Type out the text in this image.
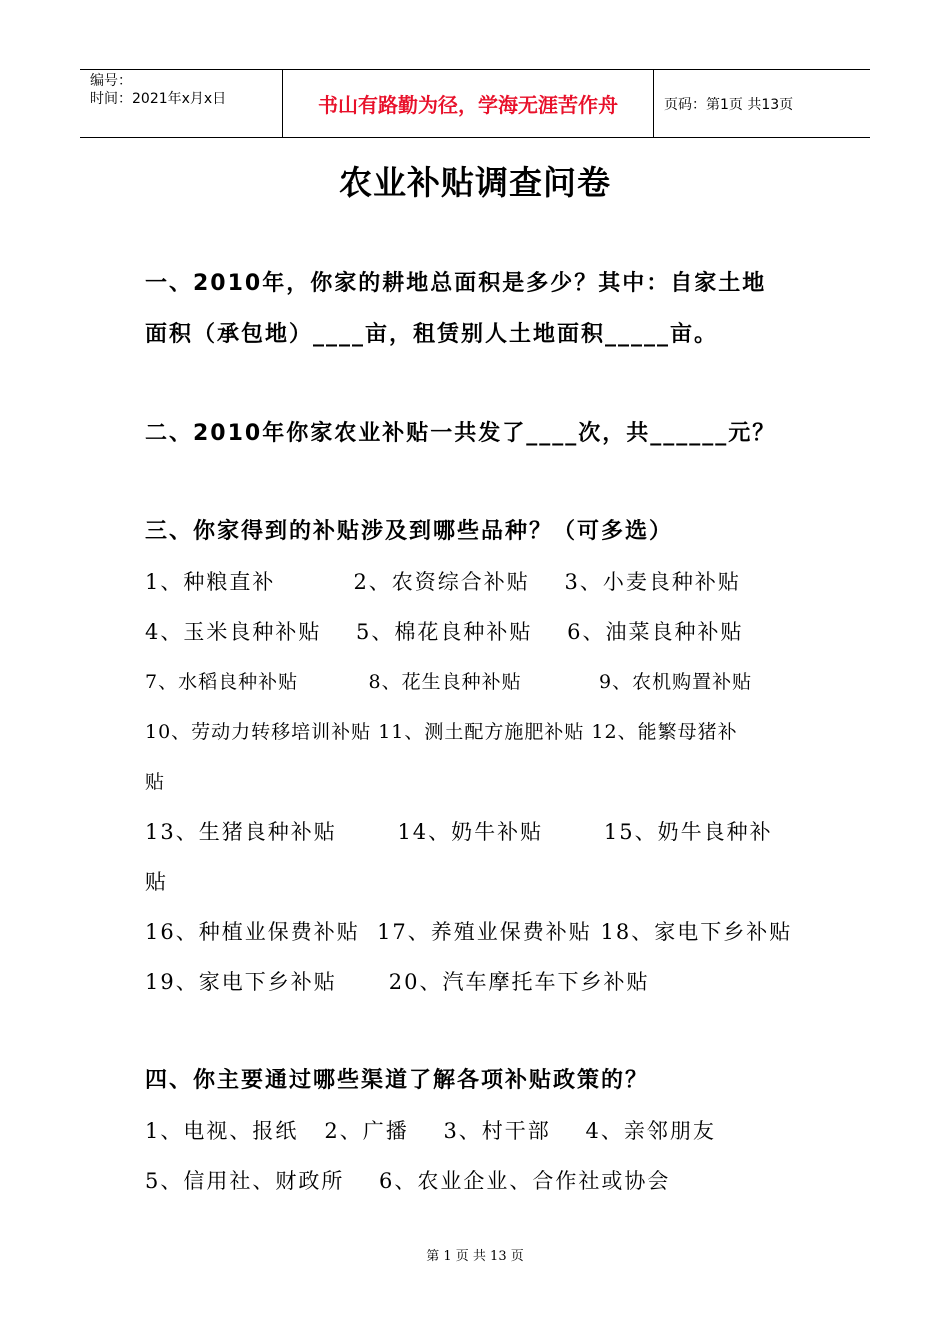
编号：
时间：2021年x月x日	书山有路勤为径，学海无涯苦作舟	页码：第1页 共13页
农业补贴调查问卷
一、2010年，你家的耕地总面积是多少？其中：自家土地
面积（承包地）____亩，租赁别人土地面积_____亩。
二、2010年你家农业补贴一共发了____次，共______元？
三、你家得到的补贴涉及到哪些品种？（可多选）
1、种粮直补         2、农资综合补贴    3、小麦良种补贴
4、玉米良种补贴    5、棉花良种补贴    6、油菜良种补贴
7、水稻良种补贴          8、花生良种补贴           9、农机购置补贴
10、劳动力转移培训补贴 11、测土配方施肥补贴 12、能繁母猪补
贴
13、生猪良种补贴       14、奶牛补贴       15、奶牛良种补
贴
16、种植业保费补贴  17、养殖业保费补贴 18、家电下乡补贴
19、家电下乡补贴      20、汽车摩托车下乡补贴
四、你主要通过哪些渠道了解各项补贴政策的？
1、电视、报纸   2、广播    3、村干部    4、亲邻朋友
5、信用社、财政所    6、农业企业、合作社或协会
第 1 页 共 13 页
